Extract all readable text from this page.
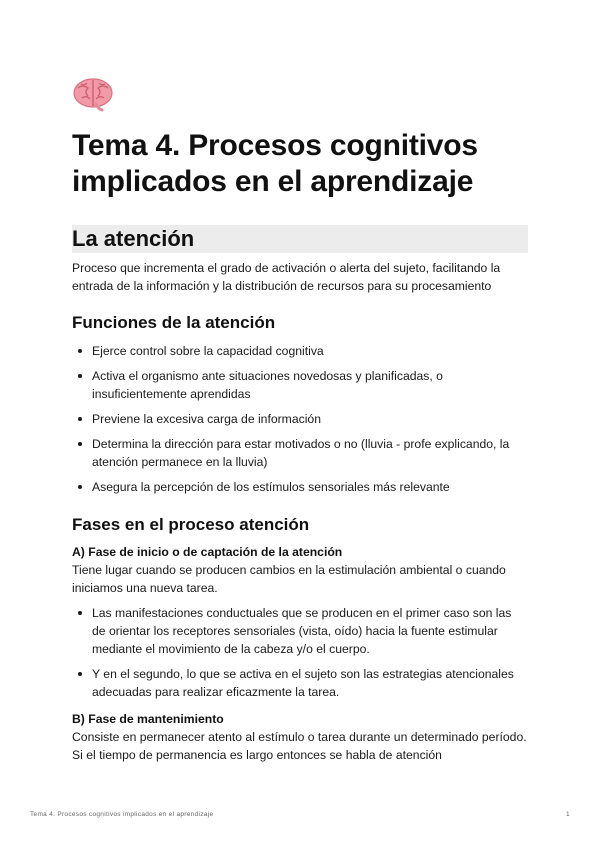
Tema 4. Procesos cognitivos implicados en el aprendizaje
La atención

Proceso que incrementa el grado de activación o alerta del sujeto, facilitando la entrada de la información y la distribución de recursos para su procesamiento

Funciones de la atención
Ejerce control sobre la capacidad cognitiva
Activa el organismo ante situaciones novedosas y planificadas, o insuficientemente aprendidas
Previene la excesiva carga de información
Determina la dirección para estar motivados o no (lluvia - profe explicando, la atención permanece en la lluvia)
Asegura la percepción de los estímulos sensoriales más relevante
Fases en el proceso atención
A) Fase de inicio o de captación de la atención

Tiene lugar cuando se producen cambios en la estimulación ambiental o cuando iniciamos una nueva tarea.

Las manifestaciones conductuales que se producen en el primer caso son las de orientar los receptores sensoriales (vista, oído) hacia la fuente estimular mediante el movimiento de la cabeza y/o el cuerpo.
Y en el segundo, lo que se activa en el sujeto son las estrategias atencionales adecuadas para realizar eficazmente la tarea.
B) Fase de mantenimiento

Consiste en permanecer atento al estímulo o tarea durante un determinado período. Si el tiempo de permanencia es largo entonces se habla de atención

Tema 4. Procesos cognitivos implicados en el aprendizaje	1
